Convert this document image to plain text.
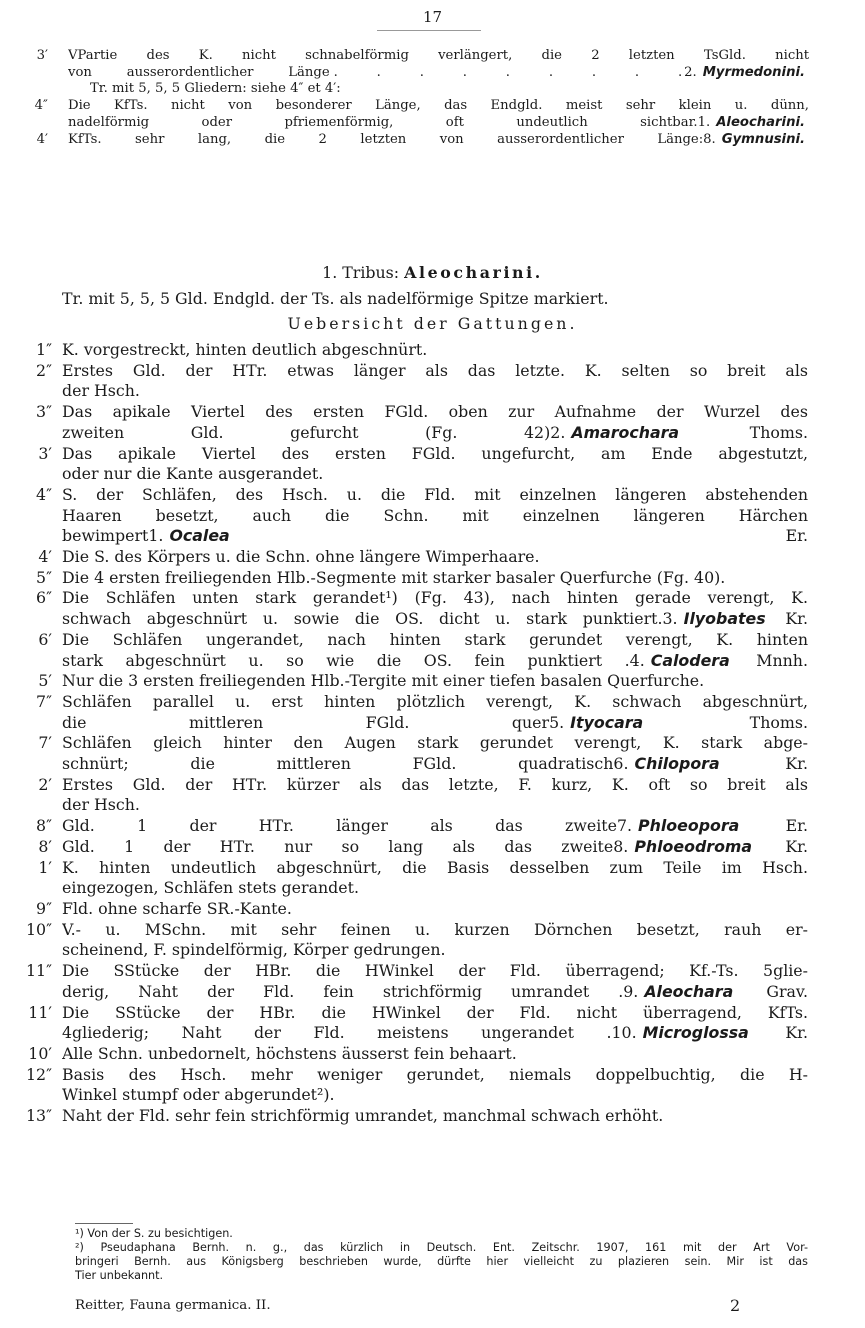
17
3′ VPartie des K. nicht schnabelförmig verlängert, die 2 letzten TsGld. nicht
von ausserordentlicher Länge . . . . . . . . .2. Myrmedonini.
Tr. mit 5, 5, 5 Gliedern: siehe 4″ et 4′:
4″ Die KfTs. nicht von besonderer Länge, das Endgld. meist sehr klein u. dünn,
nadelförmig oder pfriemenförmig, oft undeutlich sichtbar.1. Aleocharini.
4′ KfTs. sehr lang, die 2 letzten von ausserordentlicher Länge:8. Gymnusini.
1. Tribus: Aleocharini.
Tr. mit 5, 5, 5 Gld. Endgld. der Ts. als nadelförmige Spitze markiert.
Uebersicht der Gattungen.
1″ K. vorgestreckt, hinten deutlich abgeschnürt.
2″ Erstes Gld. der HTr. etwas länger als das letzte. K. selten so breit als
der Hsch.
3″ Das apikale Viertel des ersten FGld. oben zur Aufnahme der Wurzel des
zweiten Gld. gefurcht (Fg. 42)2. Amarochara Thoms.
3′ Das apikale Viertel des ersten FGld. ungefurcht, am Ende abgestutzt,
oder nur die Kante ausgerandet.
4″ S. der Schläfen, des Hsch. u. die Fld. mit einzelnen längeren abstehenden
Haaren besetzt, auch die Schn. mit einzelnen längeren Härchen
bewimpert1. Ocalea Er.
4′ Die S. des Körpers u. die Schn. ohne längere Wimperhaare.
5″ Die 4 ersten freiliegenden Hlb.-Segmente mit starker basaler Querfurche (Fg. 40).
6″ Die Schläfen unten stark gerandet¹) (Fg. 43), nach hinten gerade verengt, K.
schwach abgeschnürt u. sowie die OS. dicht u. stark punktiert.3. Ilyobates Kr.
6′ Die Schläfen ungerandet, nach hinten stark gerundet verengt, K. hinten
stark abgeschnürt u. so wie die OS. fein punktiert .4. Calodera Mnnh.
5′ Nur die 3 ersten freiliegenden Hlb.-Tergite mit einer tiefen basalen Querfurche.
7″ Schläfen parallel u. erst hinten plötzlich verengt, K. schwach abgeschnürt,
die mittleren FGld. quer5. Ityocara Thoms.
7′ Schläfen gleich hinter den Augen stark gerundet verengt, K. stark abge-
schnürt; die mittleren FGld. quadratisch6. Chilopora Kr.
2′ Erstes Gld. der HTr. kürzer als das letzte, F. kurz, K. oft so breit als
der Hsch.
8″ Gld. 1 der HTr. länger als das zweite7. Phloeopora Er.
8′ Gld. 1 der HTr. nur so lang als das zweite8. Phloeodroma Kr.
1′ K. hinten undeutlich abgeschnürt, die Basis desselben zum Teile im Hsch.
eingezogen, Schläfen stets gerandet.
9″ Fld. ohne scharfe SR.-Kante.
10″ V.- u. MSchn. mit sehr feinen u. kurzen Dörnchen besetzt, rauh er-
scheinend, F. spindelförmig, Körper gedrungen.
11″ Die SStücke der HBr. die HWinkel der Fld. überragend; Kf.-Ts. 5glie-
derig, Naht der Fld. fein strichförmig umrandet .9. Aleochara Grav.
11′ Die SStücke der HBr. die HWinkel der Fld. nicht überragend, KfTs.
4gliederig; Naht der Fld. meistens ungerandet .10. Microglossa Kr.
10′ Alle Schn. unbedornelt, höchstens äusserst fein behaart.
12″ Basis des Hsch. mehr weniger gerundet, niemals doppelbuchtig, die H-
Winkel stumpf oder abgerundet²).
13″ Naht der Fld. sehr fein strichförmig umrandet, manchmal schwach erhöht.
¹) Von der S. zu besichtigen.
²) Pseudaphana Bernh. n. g., das kürzlich in Deutsch. Ent. Zeitschr. 1907, 161 mit der Art Vor-
bringeri Bernh. aus Königsberg beschrieben wurde, dürfte hier vielleicht zu plazieren sein. Mir ist das
Tier unbekannt.
Reitter, Fauna germanica. II.	2
